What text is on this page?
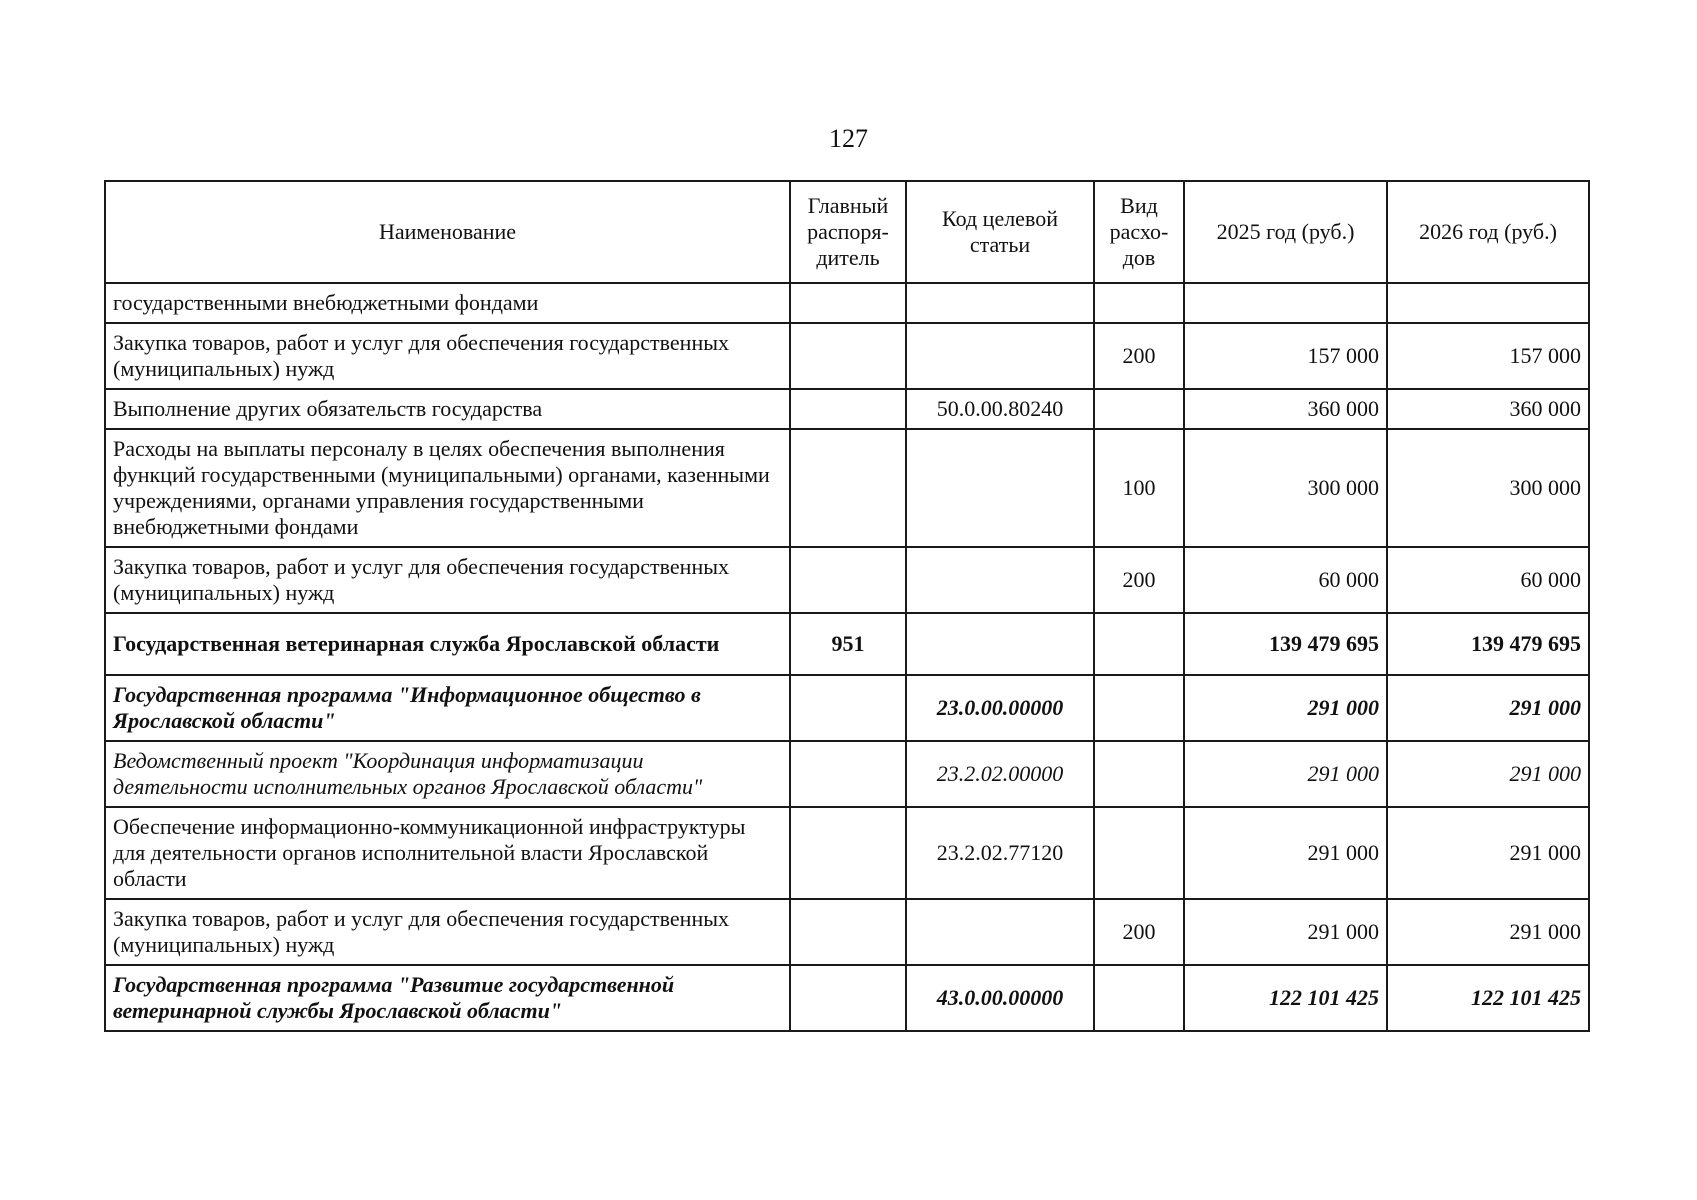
127
Наименование	Главный распоря-дитель	Код целевой статьи	Вид расхо-дов	2025 год (руб.)	2026 год (руб.)
государственными внебюджетными фондами					
Закупка товаров, работ и услуг для обеспечения государственных (муниципальных) нужд			200	157 000	157 000
Выполнение других обязательств государства		50.0.00.80240		360 000	360 000
Расходы на выплаты персоналу в целях обеспечения выполнения функций государственными (муниципальными) органами, казенными учреждениями, органами управления государственными внебюджетными фондами			100	300 000	300 000
Закупка товаров, работ и услуг для обеспечения государственных (муниципальных) нужд			200	60 000	60 000
Государственная ветеринарная служба Ярославской области	951			139 479 695	139 479 695
Государственная программа "Информационное общество в Ярославской области"		23.0.00.00000		291 000	291 000
Ведомственный проект "Координация информатизации деятельности исполнительных органов Ярославской области"		23.2.02.00000		291 000	291 000
Обеспечение информационно-коммуникационной инфраструктуры для деятельности органов исполнительной власти Ярославской области		23.2.02.77120		291 000	291 000
Закупка товаров, работ и услуг для обеспечения государственных (муниципальных) нужд			200	291 000	291 000
Государственная программа "Развитие государственной ветеринарной службы Ярославской области"		43.0.00.00000		122 101 425	122 101 425
